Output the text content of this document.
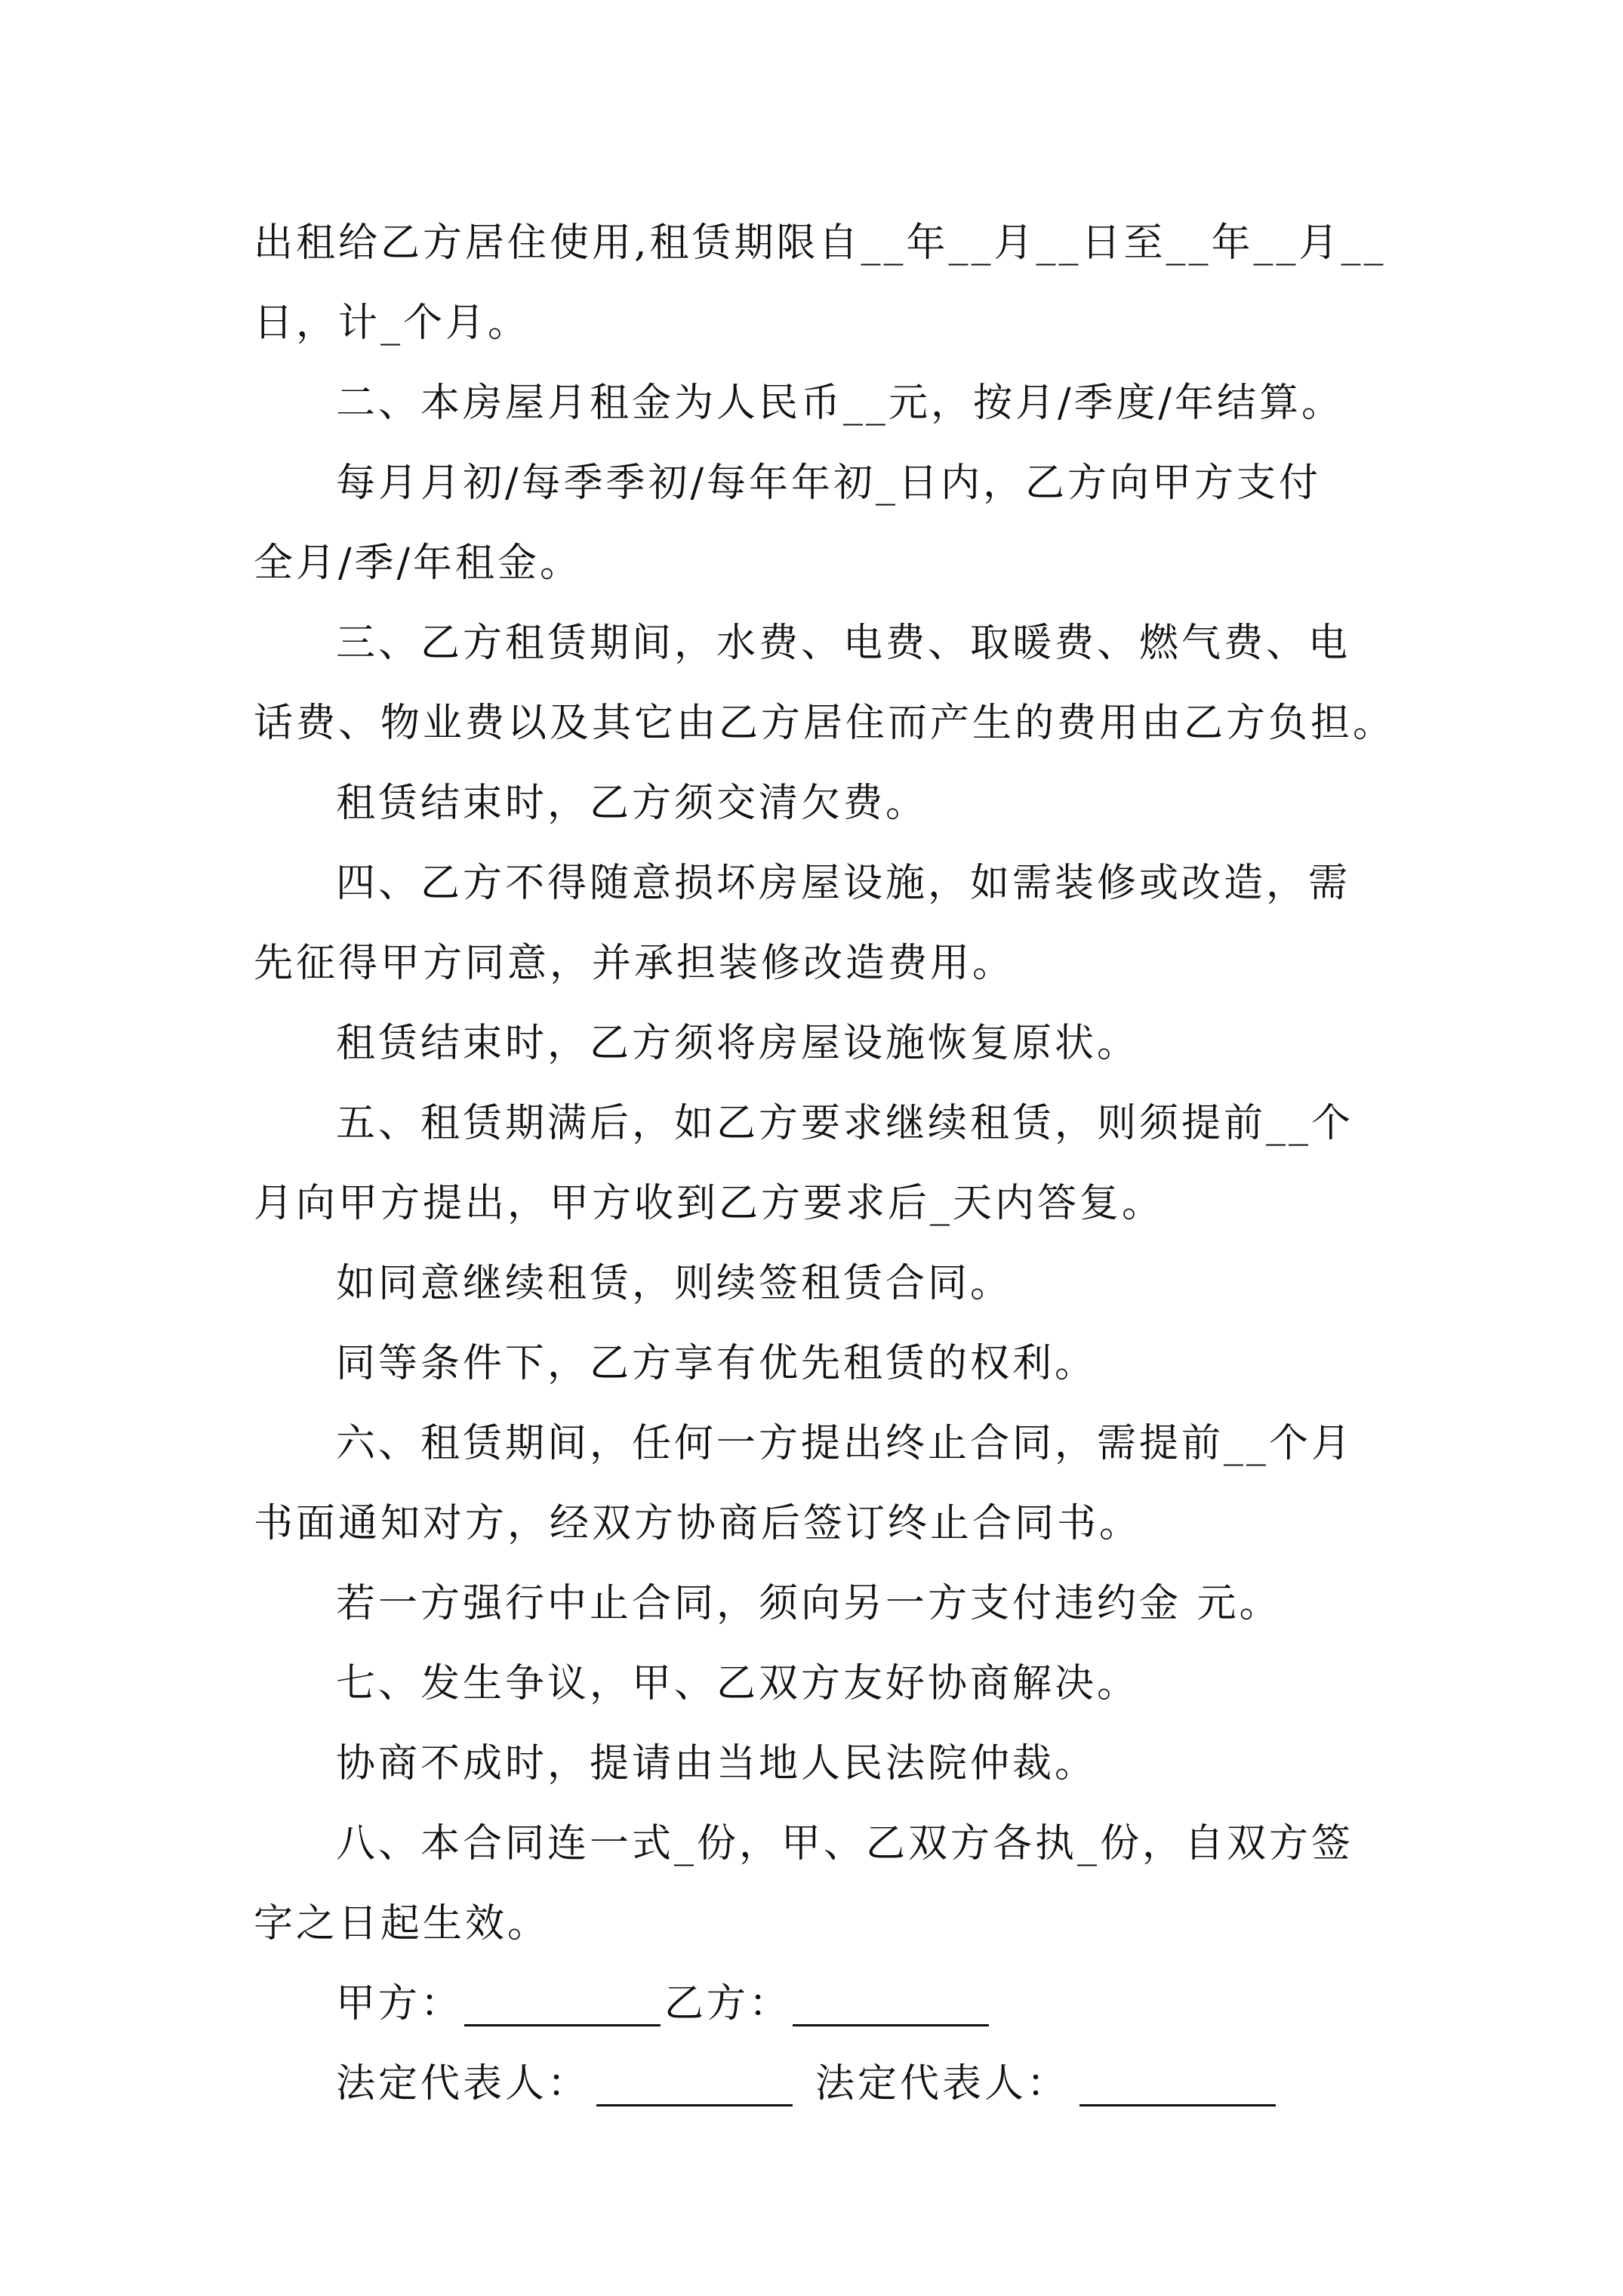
出租给乙方居住使用,租赁期限自__年__月__日至__年__月__
日，计_个月。
二、本房屋月租金为人民币__元，按月/季度/年结算。
每月月初/每季季初/每年年初_日内，乙方向甲方支付
全月/季/年租金。
三、乙方租赁期间，水费、电费、取暖费、燃气费、电
话费、物业费以及其它由乙方居住而产生的费用由乙方负担。
租赁结束时，乙方须交清欠费。
四、乙方不得随意损坏房屋设施，如需装修或改造，需
先征得甲方同意，并承担装修改造费用。
租赁结束时，乙方须将房屋设施恢复原状。
五、租赁期满后，如乙方要求继续租赁，则须提前__个
月向甲方提出，甲方收到乙方要求后_天内答复。
如同意继续租赁，则续签租赁合同。
同等条件下，乙方享有优先租赁的权利。
六、租赁期间，任何一方提出终止合同，需提前__个月
书面通知对方，经双方协商后签订终止合同书。
若一方强行中止合同，须向另一方支付违约金 元。
七、发生争议，甲、乙双方友好协商解决。
协商不成时，提请由当地人民法院仲裁。
八、本合同连一式_份，甲、乙双方各执_份，自双方签
字之日起生效。
甲方：	乙方：
法定代表人：	法定代表人：
